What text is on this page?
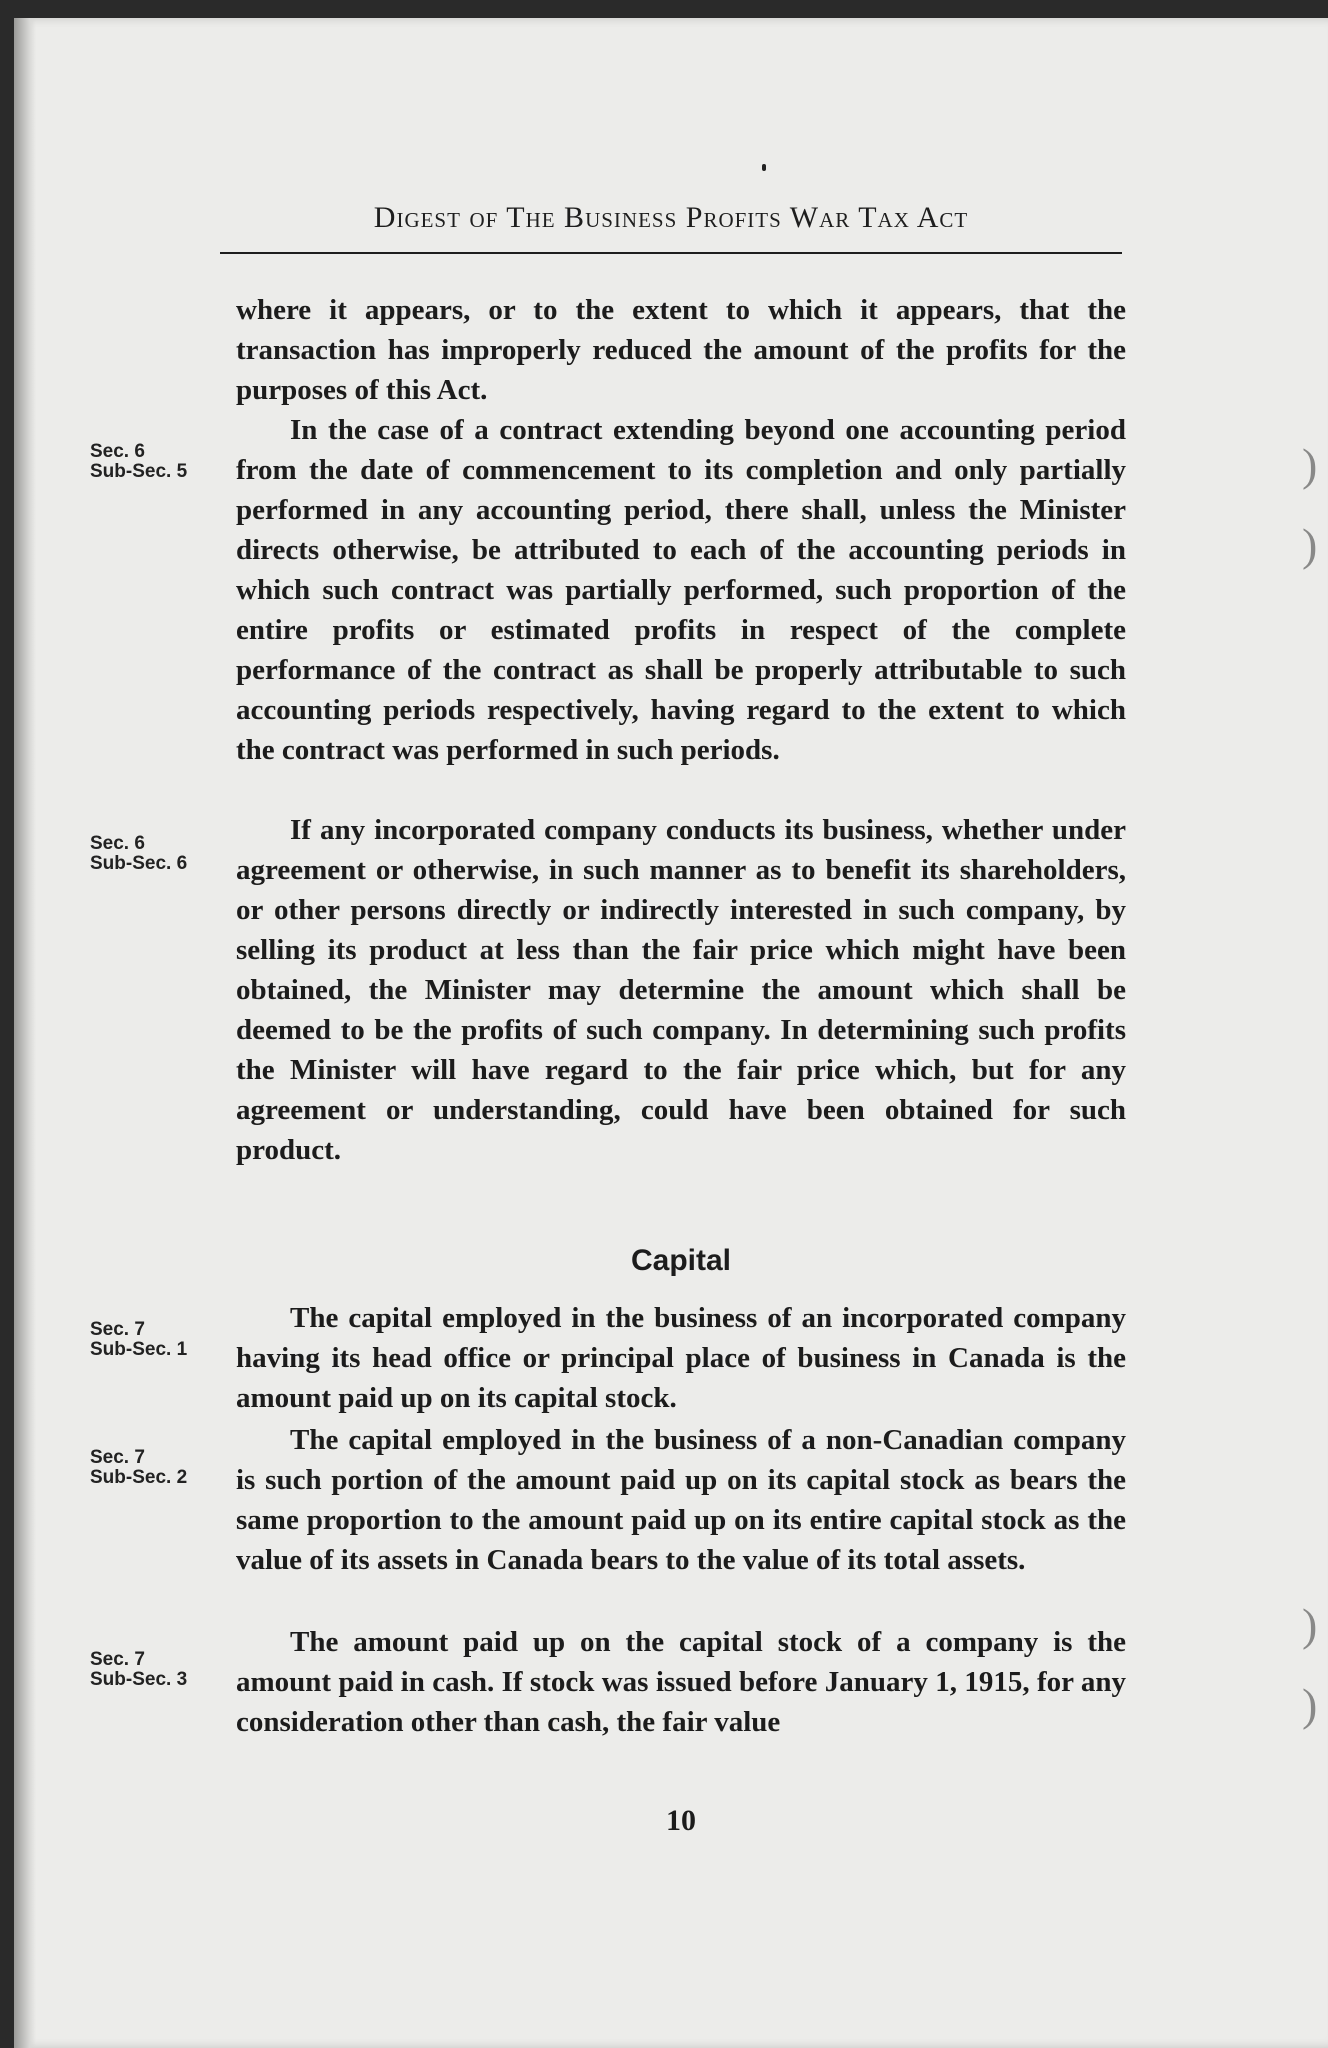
Digest of The Business Profits War Tax Act
Sec. 6
Sub-Sec. 5
Sec. 6
Sub-Sec. 6
Sec. 7
Sub-Sec. 1
Sec. 7
Sub-Sec. 2
Sec. 7
Sub-Sec. 3

where it appears, or to the extent to which it appears, that the transaction has improperly reduced the amount of the profits for the purposes of this Act.

In the case of a contract extending beyond one accounting period from the date of commencement to its completion and only partially performed in any accounting period, there shall, unless the Minister directs otherwise, be attributed to each of the accounting periods in which such contract was partially performed, such proportion of the entire profits or estimated profits in respect of the complete performance of the contract as shall be properly attributable to such accounting periods respectively, having regard to the extent to which the contract was performed in such periods.

If any incorporated company conducts its business, whether under agreement or otherwise, in such manner as to benefit its shareholders, or other persons directly or indirectly interested in such company, by selling its product at less than the fair price which might have been obtained, the Minister may determine the amount which shall be deemed to be the profits of such company. In determining such profits the Minister will have regard to the fair price which, but for any agreement or understanding, could have been obtained for such product.

The capital employed in the business of an incorporated company having its head office or principal place of business in Canada is the amount paid up on its capital stock.

The capital employed in the business of a non-Canadian company is such portion of the amount paid up on its capital stock as bears the same proportion to the amount paid up on its entire capital stock as the value of its assets in Canada bears to the value of its total assets.

The amount paid up on the capital stock of a company is the amount paid in cash. If stock was issued before January 1, 1915, for any consideration other than cash, the fair value

Capital
10
)
)
)
)
